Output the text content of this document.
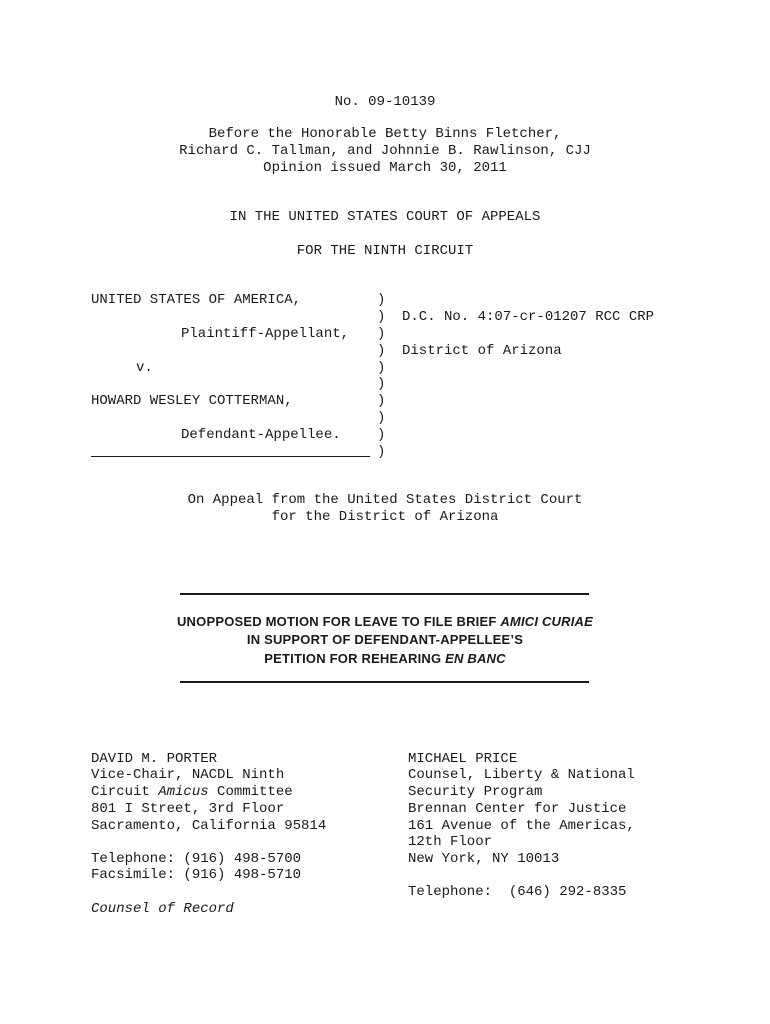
No. 09-10139
Before the Honorable Betty Binns Fletcher,
Richard C. Tallman, and Johnnie B. Rawlinson, CJJ
Opinion issued March 30, 2011
IN THE UNITED STATES COURT OF APPEALS
FOR THE NINTH CIRCUIT
UNITED STATES OF AMERICA,
Plaintiff-Appellant,
v.
HOWARD WESLEY COTTERMAN,
Defendant-Appellee.
)
)
)
)
)
)
)
)
)
)
D.C. No. 4:07-cr-01207 RCC CRP
District of Arizona
On Appeal from the United States District Court
for the District of Arizona
UNOPPOSED MOTION FOR LEAVE TO FILE BRIEF AMICI CURIAE
IN SUPPORT OF DEFENDANT-APPELLEE’S
PETITION FOR REHEARING EN BANC
DAVID M. PORTER
Vice-Chair, NACDL Ninth
Circuit Amicus Committee
801 I Street, 3rd Floor
Sacramento, California 95814
Telephone: (916) 498-5700
Facsimile: (916) 498-5710
Counsel of Record
MICHAEL PRICE
Counsel, Liberty & National
Security Program
Brennan Center for Justice
161 Avenue of the Americas,
12th Floor
New York, NY 10013
Telephone:  (646) 292-8335
